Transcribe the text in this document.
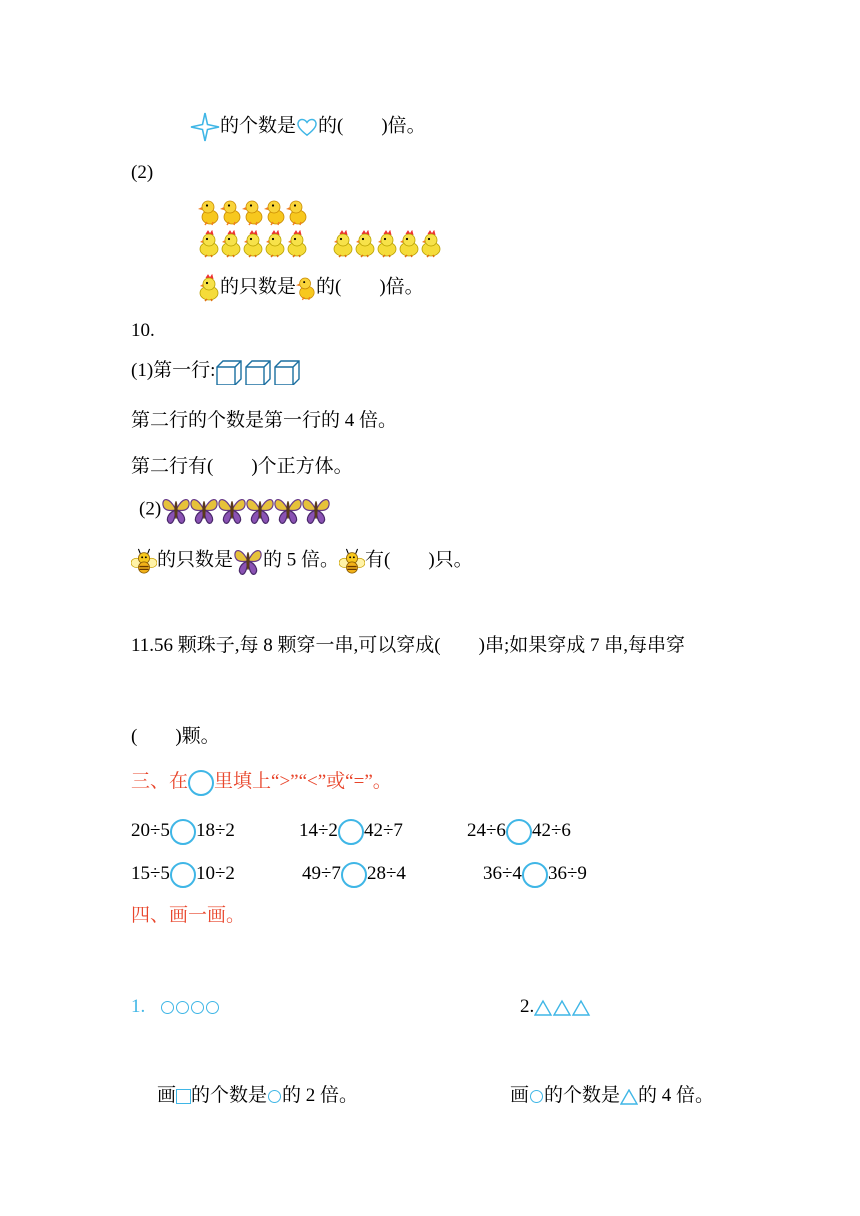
的个数是 的(　　)倍。
(2)

的只数是 的(　　)倍。
10.
(1)第一行:
第二行的个数是第一行的 4 倍。
第二行有(　　)个正方体。
(2)
的只数是 的 5 倍。 有(　　)只。
11.56 颗珠子,每 8 颗穿一串,可以穿成(　　)串;如果穿成 7 串,每串穿
(　　)颗。
三、在 里填上“>”“<”或“=”。
20÷5 18÷2	14÷2 42÷7	24÷6 42÷6
15÷5 10÷2	49÷7 28÷4	36÷4 36÷9
四、画一画。
1.	2.
画 的个数是 的 2 倍。	画 的个数是 的 4 倍。
